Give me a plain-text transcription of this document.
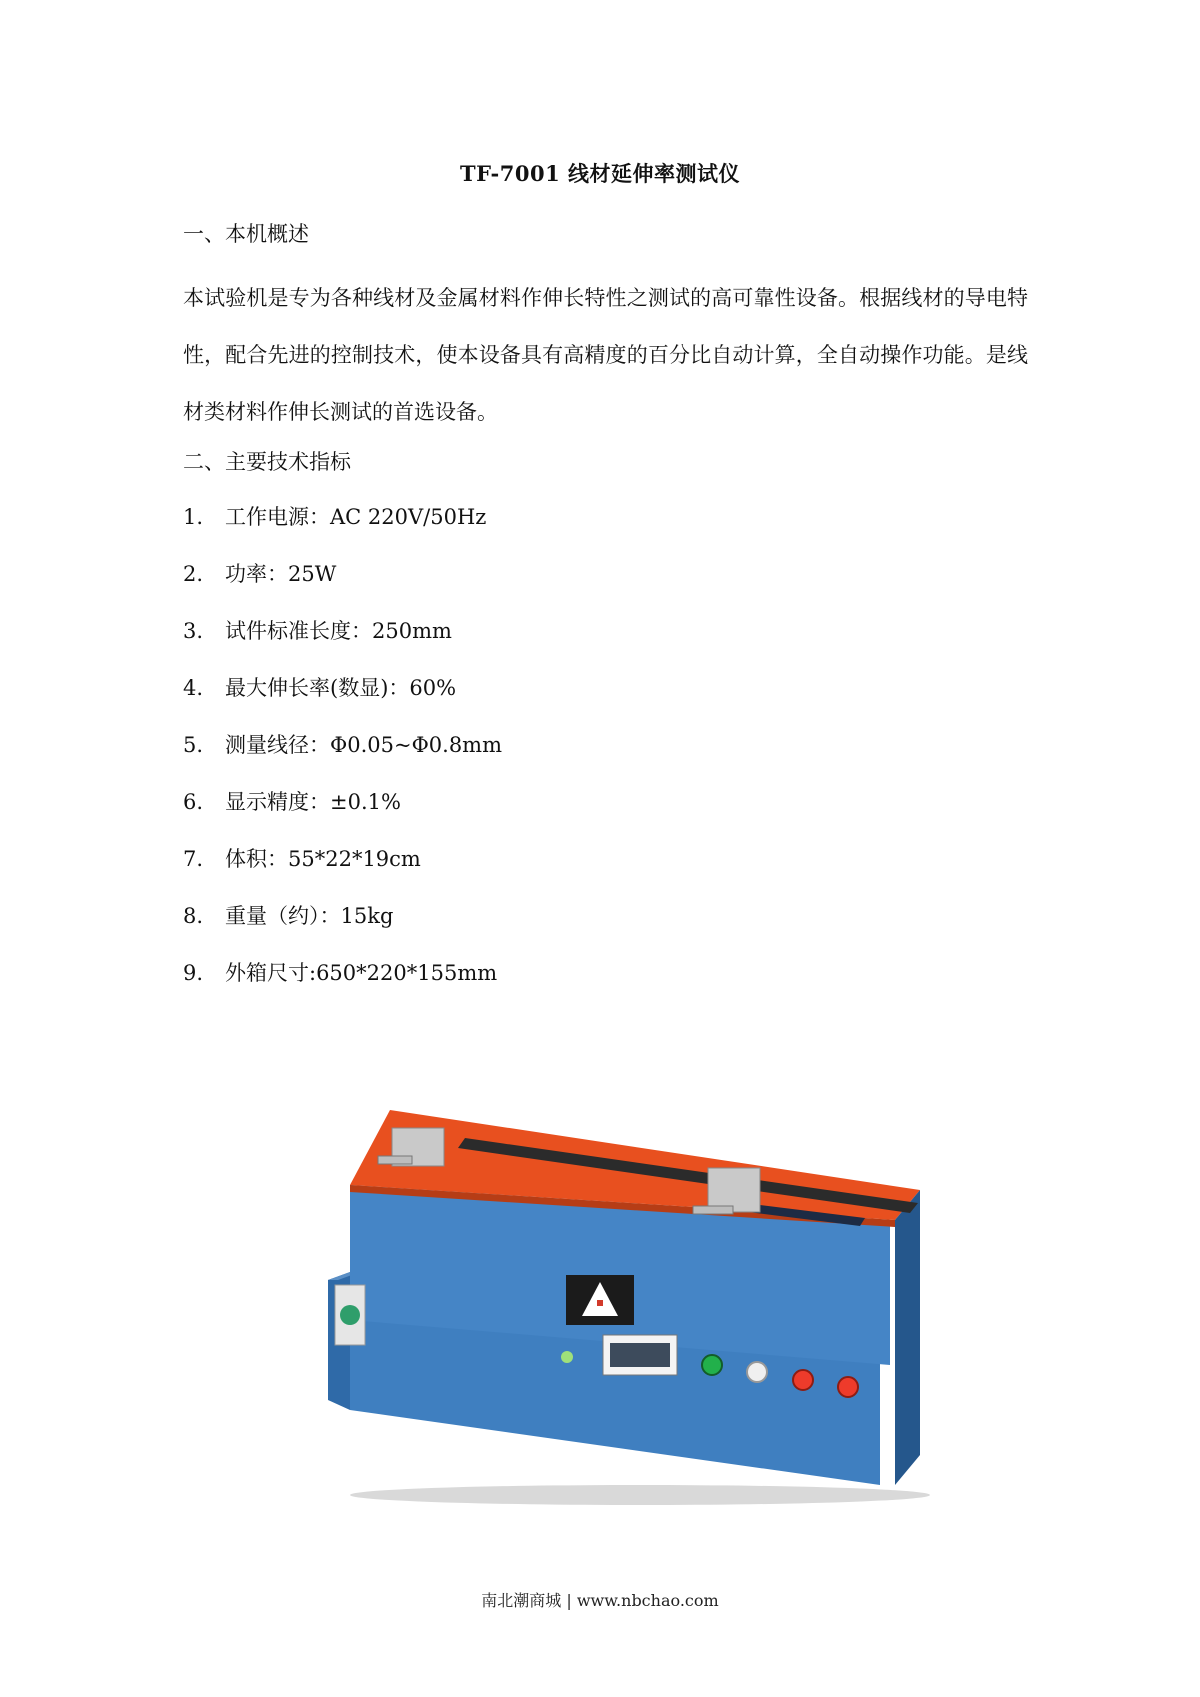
TF-7001 线材延伸率测试仪
一、本机概述
本试验机是专为各种线材及金属材料作伸长特性之测试的高可靠性设备。根据线材的导电特性，配合先进的控制技术，使本设备具有高精度的百分比自动计算，全自动操作功能。是线材类材料作伸长测试的首选设备。
二、主要技术指标
1. 工作电源：AC 220V/50Hz
2. 功率：25W
3. 试件标准长度：250mm
4. 最大伸长率(数显)：60%
5. 测量线径：Φ0.05~Φ0.8mm
6. 显示精度：±0.1%
7. 体积：55*22*19cm
8. 重量（约）：15kg
9. 外箱尺寸:650*220*155mm
南北潮商城 | www.nbchao.com
